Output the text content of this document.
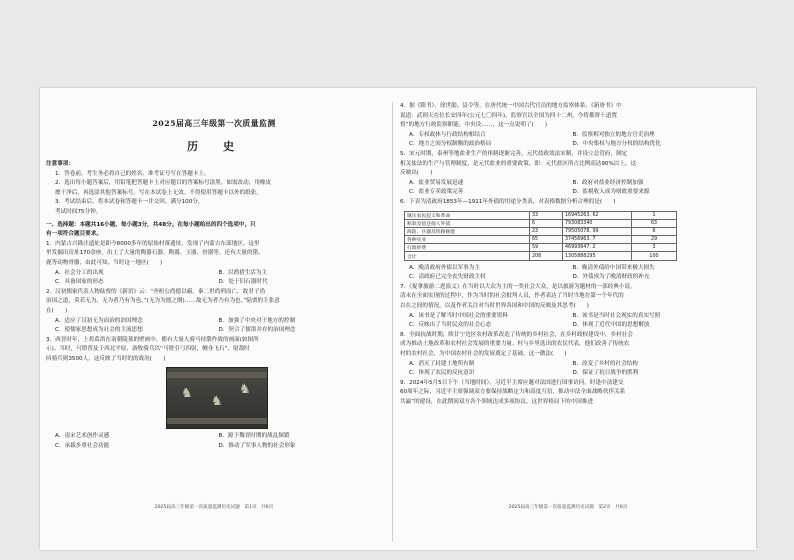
2025届高三年级第一次质量监测
历　史
注意事项：
1．答卷前，考生务必将自己的姓名、准考证号写在答题卡上。
2．选出每小题答案后，用铅笔把答题卡上对应题目的答案标号涂黑。如需改动，用橡皮
擦干净后，再选涂其他答案标号。写在本试卷上无效。不得使用答题卡以外的纸张。
3．考试结束后，将本试卷和答题卡一并交回。满分100分，
考试时间75分钟。
一、选择题：本题共16小题，每小题3分，共48分。在每小题给出的四个选项中，只
有一项符合题目要求。
1．内蒙古兴隆洼遗址是距今8000多年的原始村落遗址，发现了内蒙古东部地区。这里
里发掘出房址170余座，出土了大量的陶器石器、陶器、玉器、骨器等，还有大量的猪、
鹿等动物骨骼，由此可知，当时这一地区(　　)
A．社会分工的出现	B．以渔猎生活为主
C．具备国家的形态	D．处于旧石器时代
2．汉初儒家代表人物陆贾的《新语》云：“齐桓公尚德以霸，秦二世尚刑而亡，故君子尚
治国之道，莫若无为，无为者乃有为也。”(无为为德之纲)……故无为者乃有为也。”陆贾的主张意
在(　　)
A．适应了汉初无为而治的治国理念	B．加强了中央对于地方的控制
C．使儒家思想成为社会的主流思想	D．契合了儒墨并存的治国理念
3．西晋时年，上将葛洪在南朝陵墓的壁画中，都有大量人骑马持槊作战的画面(如图所
示)。当时，马镫普及于西北平原，游牧骑兵以“马镫引弓四射，侧身飞石”，射敌时
回骑兵则3500人，这反映了当时的的战况(　　)
♞
♞
♞
A．南宋艺术创作灵感	B．源于魏晋时期的战乱频繁
C．承载多重社会功能	D．推动了军事人物的社会形象
2025届高三年级第一次质量监测历史试题　第1页　共6页
4．据《隋书》，徐世勣、县令等，在唐代统一中国古代官员的地方监察体系，《新唐书》中
说道：武则天在位长安四年(公元七〇四年)，监察官以全国为四十二州，今将都督十道置
督”的地方行政监察职能，中央设……，这一点说明了(　　)
A．专权政体与行政结构相结合	B．监察相对独立的地方官吏治理
C．地方之间分权制衡的政治格局	D．中央集权与地方分权的结构优化
5．宋元时期，泰州等地盐业生产的体制逐渐完善，元代盐政效法宋制，并设立总管府，制定
相关盐法的生产与管理制度，是元代盐业的重要政策，即：元代盐区所占比例高达90%以上，这
反映出(　　)
A．盐业贸易发展迅速	B．政府对盐业经济控制加强
C．盐业专卖政策完善	D．盐税收入成为财政重要来源
6．下表为清政府1853年—1911年外债的用途分类表，对表格数据分析合理的是(　　)
镇压农民起义和革命	33	16945263. 62	1
赔款及偿还他人外债	6	793083340	63
海防、兵器及铁路修建	23	79505078. 99	6
各种实业	65	37456963. 7	29
行政经费	59	46993647. 2	3
合计	208	1305888295	100
A．晚清政府外债以军事为主	B．晚清外债给中国带来极大损失
C．清政府已完全丧失财政主权	D．外债成为了晚清财政的补充
7．《捉拿旅游二进演义》在当时以大众为主的一类社会大众，是以旅游为题材的一部经典小说。
清末在全面实现的过程中，作为当时的社会批判人员，作者表达了当时当地在第一个年代的
以在之间的情况，以及作者关注对当时世界各国和中国的反映及其思考(　　)
A．该书是了解当时中国社会的重要资料	B．该书是当时社会现实的真实写照
C．反映出了当时民众的社会心态	D．体现了近代中国的思想解放
8．全面抗战时期，陕甘宁边区农村改革改造了传统的乡村社会，在乡村政权建设中，乡村社会
成为推动土地改革和农村社会发展的重要力量。村与乡里选出的农民代表，他们改善了传统农
村的农村社会，为中国农村社会的发展奠定了基础，这一做法(　　)
A．消灭了封建土地所有制	B．改变了乡村的社会结构
C．体现了农民的反抗意识	D．保证了抗日战争的胜利
9．2024年5月5日下午（当地时间），习近平主席应邀对法国进行国事访问。时逢中法建交
60周年之际，习近平主席强调双方要保持战略定力和高度互信，推动中法全面战略伙伴关系
共赢”的建设，在此期间双方各个领域达成多项协议，这世界格局下的中国推进
2025届高三年级第一次质量监测历史试题　第2页　共6页
